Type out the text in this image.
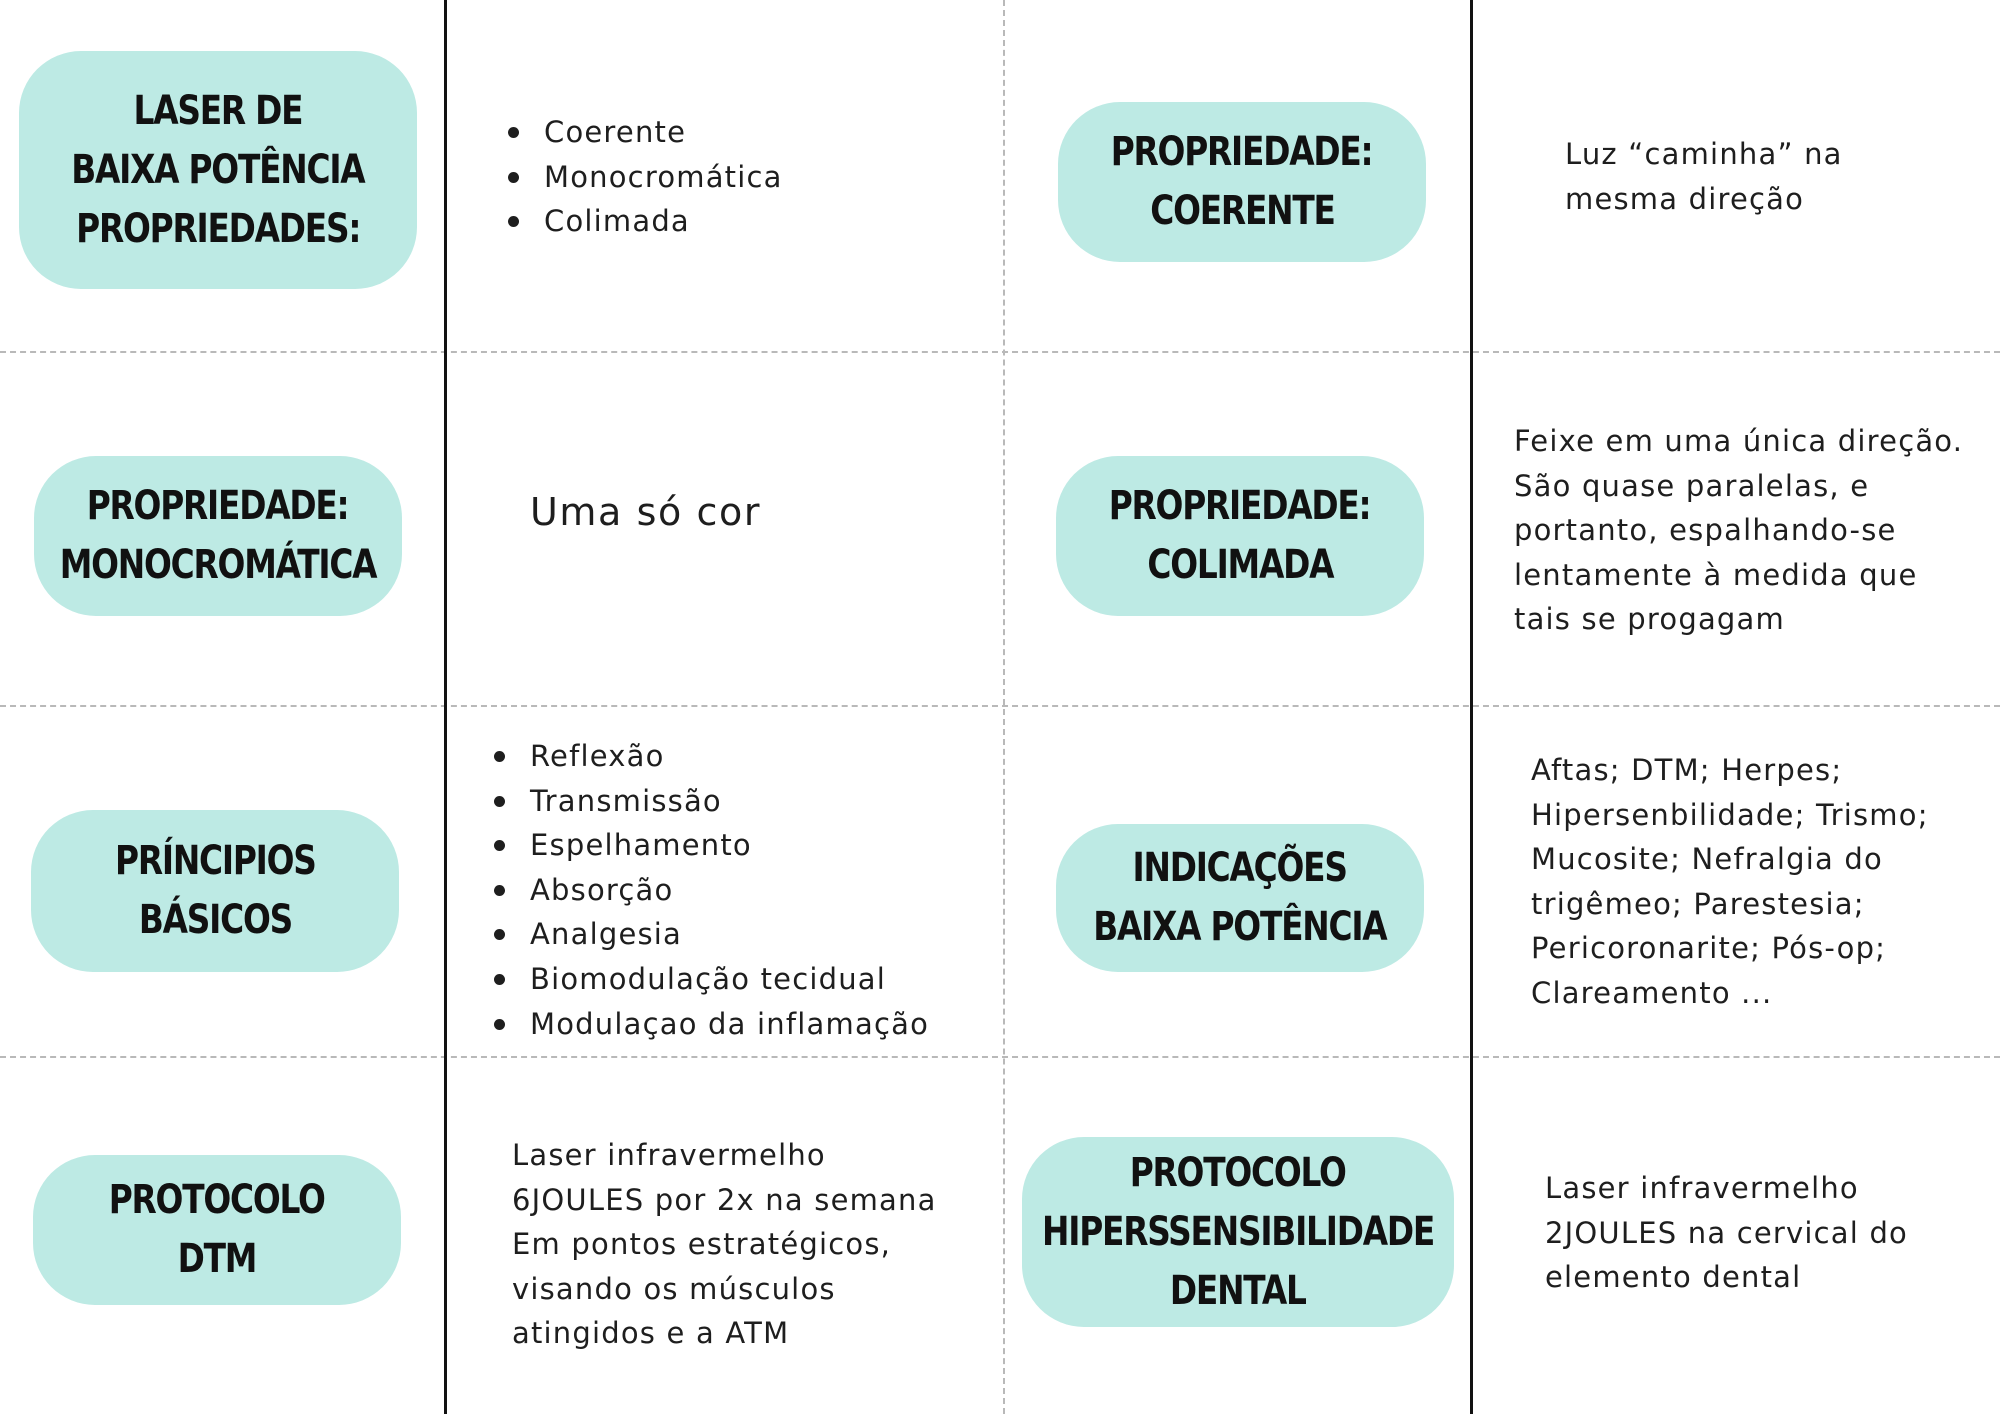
LASER DE
BAIXA POTÊNCIA
PROPRIEDADES:
Coerente
Monocromática
Colimada
PROPRIEDADE:
COERENTE
Luz “caminha” na
mesma direção
PROPRIEDADE:
MONOCROMÁTICA
Uma só cor	PROPRIEDADE:
COLIMADA
Feixe em uma única direção.
São quase paralelas, e
portanto, espalhando-se
lentamente à medida que
tais se progagam
PRÍNCIPIOS
BÁSICOS
Reflexão
Transmissão
Espelhamento
Absorção
Analgesia
Biomodulação tecidual
Modulaçao da inflamação
INDICAÇÕES
BAIXA POTÊNCIA
Aftas; DTM; Herpes;
Hipersenbilidade; Trismo;
Mucosite; Nefralgia do
trigêmeo; Parestesia;
Pericoronarite; Pós-op;
Clareamento ...
PROTOCOLO
DTM
Laser infravermelho
6JOULES por 2x na semana
Em pontos estratégicos,
visando os músculos
atingidos e a ATM
PROTOCOLO
HIPERSSENSIBILIDADE
DENTAL
Laser infravermelho
2JOULES na cervical do
elemento dental
